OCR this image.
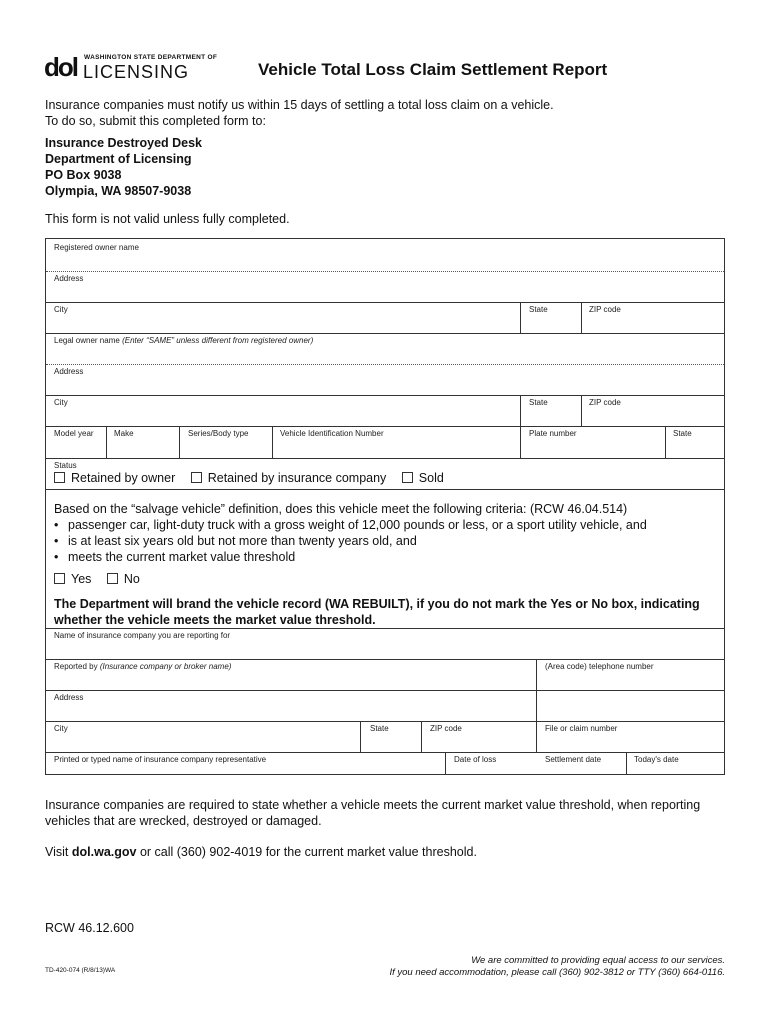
dol WASHINGTON STATE DEPARTMENT OF
LICENSING	Vehicle Total Loss Claim Settlement Report
Insurance companies must notify us within 15 days of settling a total loss claim on a vehicle.
To do so, submit this completed form to:
Insurance Destroyed Desk
Department of Licensing
PO Box 9038
Olympia, WA 98507-9038
This form is not valid unless fully completed.
Registered owner name
Address
City	State	ZIP code
Legal owner name (Enter “SAME” unless different from registered owner)
Address
City	State	ZIP code
Model year	Make	Series/Body type	Vehicle Identification Number	Plate number	State
Status
Retained by owner	Retained by insurance company	Sold
Based on the “salvage vehicle” definition, does this vehicle meet the following criteria: (RCW 46.04.514)
• passenger car, light-duty truck with a gross weight of 12,000 pounds or less, or a sport utility vehicle, and
• is at least six years old but not more than twenty years old, and
• meets the current market value threshold
Yes	No
The Department will brand the vehicle record (WA REBUILT), if you do not mark the Yes or No box, indicating whether the vehicle meets the market value threshold.
Name of insurance company you are reporting for
Reported by (Insurance company or broker name)	(Area code) telephone number
Address
City	State	ZIP code	File or claim number
Printed or typed name of insurance company representative	Date of loss	Settlement date	Today's date
Insurance companies are required to state whether a vehicle meets the current market value threshold, when reporting vehicles that are wrecked, destroyed or damaged.
Visit dol.wa.gov or call (360) 902-4019 for the current market value threshold.
RCW 46.12.600
We are committed to providing equal access to our services.
If you need accommodation, please call (360) 902-3812 or TTY (360) 664-0116.
TD-420-074 (R/8/13)WA
